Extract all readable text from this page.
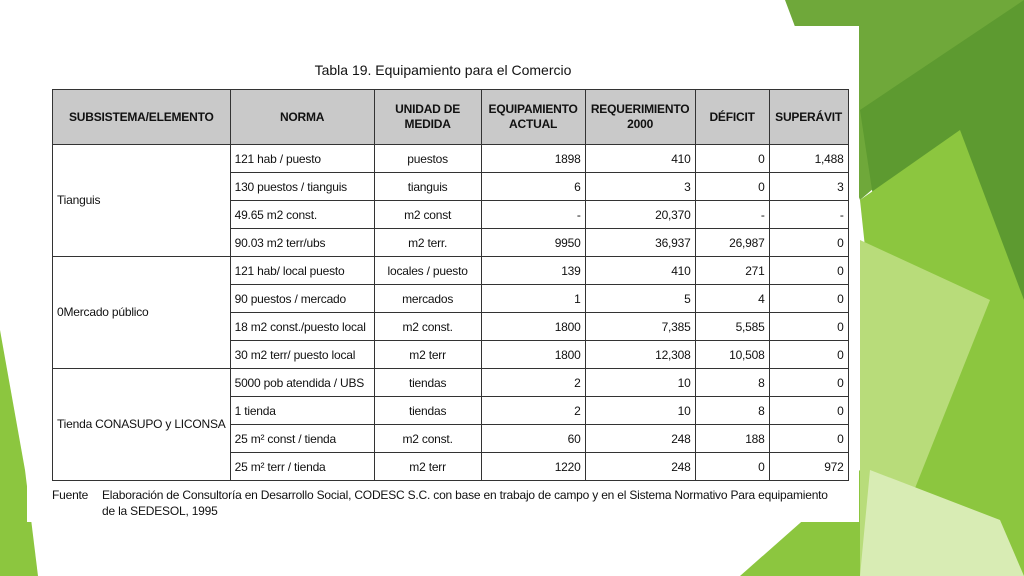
Tabla 19. Equipamiento para el Comercio
SUBSISTEMA/ELEMENTO	NORMA	UNIDAD DE MEDIDA	EQUIPAMIENTO ACTUAL	REQUERIMIENTO 2000	DÉFICIT	SUPERÁVIT
Tianguis	121 hab / puesto	puestos	1898	410	0	1,488
	130 puestos / tianguis	tianguis	6	3	0	3
	49.65 m2 const.	m2 const	-	20,370	-	-
	90.03 m2 terr/ubs	m2 terr.	9950	36,937	26,987	0
0Mercado público	121 hab/ local puesto	locales / puesto	139	410	271	0
	90 puestos / mercado	mercados	1	5	4	0
	18 m2 const./puesto local	m2 const.	1800	7,385	5,585	0
	30 m2 terr/ puesto local	m2 terr	1800	12,308	10,508	0
Tienda CONASUPO y LICONSA	5000 pob atendida / UBS	tiendas	2	10	8	0
	1 tienda	tiendas	2	10	8	0
	25 m² const / tienda	m2 const.	60	248	188	0
	25 m² terr / tienda	m2 terr	1220	248	0	972
Fuente Elaboración de Consultoría en Desarrollo Social, CODESC S.C. con base en trabajo de campo y en el Sistema Normativo Para equipamiento de la SEDESOL, 1995
